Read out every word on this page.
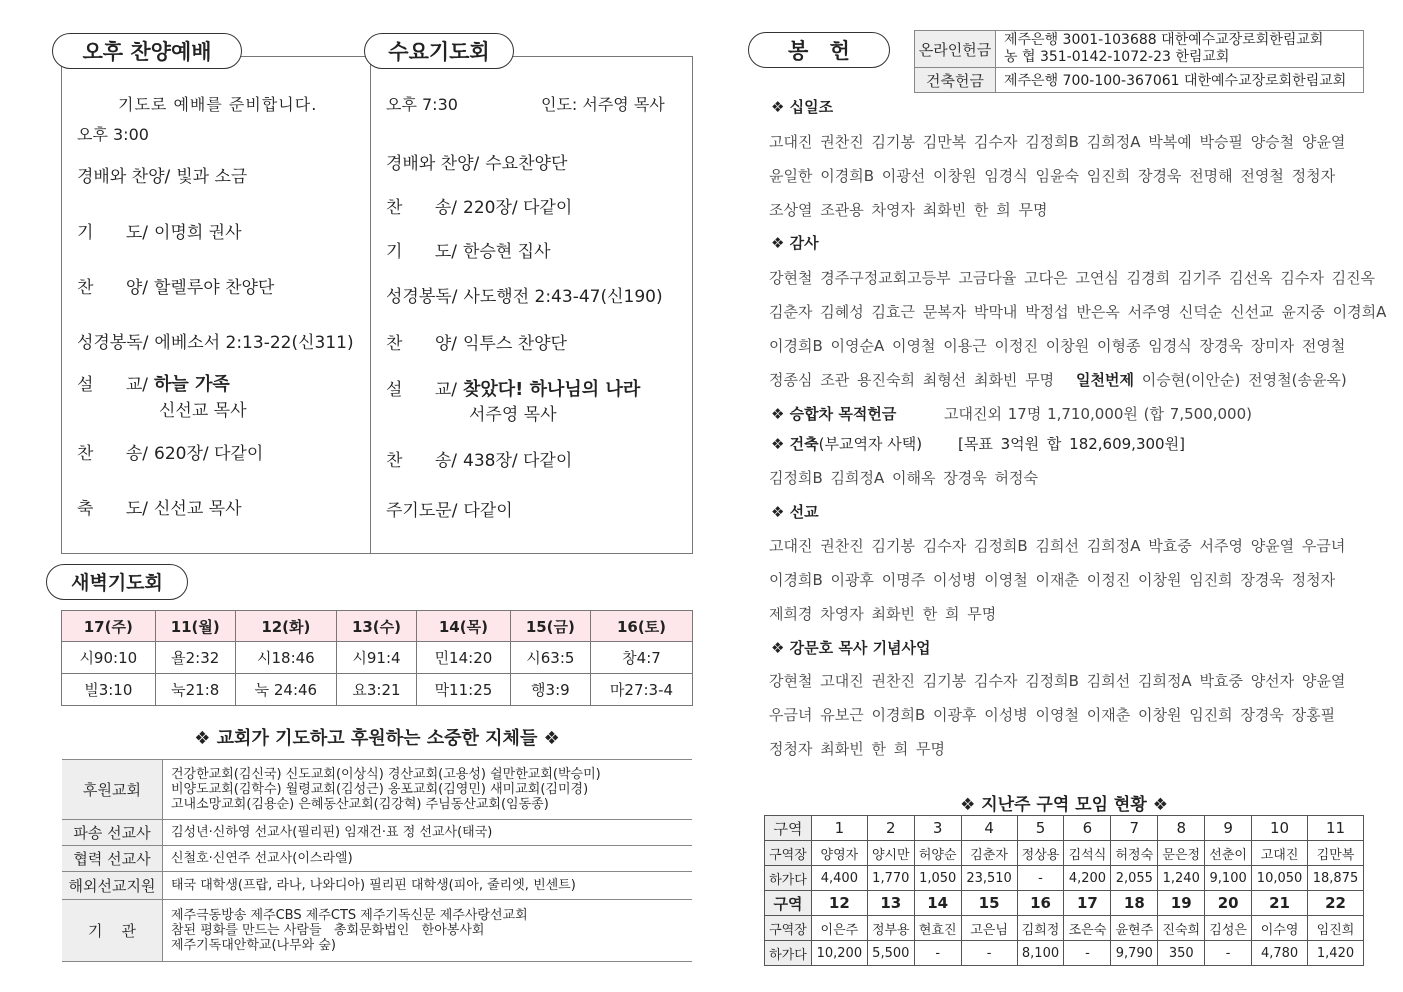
오후 찬양예배	수요기도회
기도로 예배를 준비합니다.
오후 3:00
경배와 찬양/ 빛과 소금
기      도/ 이명희 권사
찬      양/ 할렐루야 찬양단
성경봉독/ 에베소서 2:13-22(신311)
설      교/ 하늘 가족
신선교 목사
찬      송/ 620장/ 다같이
축      도/ 신선교 목사
오후 7:30	인도: 서주영 목사
경배와 찬양/ 수요찬양단
찬      송/ 220장/ 다같이
기      도/ 한승현 집사
성경봉독/ 사도행전 2:43-47(신190)
찬      양/ 익투스 찬양단
설      교/ 찾았다! 하나님의 나라
서주영 목사
찬      송/ 438장/ 다같이
주기도문/ 다같이
새벽기도회
17(주)	11(월)	12(화)	13(수)	14(목)	15(금)	16(토)
시90:10	욜2:32	시18:46	시91:4	민14:20	시63:5	창4:7
빌3:10	눅21:8	눅 24:46	요3:21	막11:25	행3:9	마27:3-4
❖ 교회가 기도하고 후원하는 소중한 지체들 ❖
후원교회	건강한교회(김신국) 신도교회(이상식) 경산교회(고용성) 쉴만한교회(박승미)
비양도교회(김학수) 월령교회(김성근) 옹포교회(김영민) 새미교회(김미경)
고내소망교회(김용순) 은혜동산교회(김강혁) 주님동산교회(임동종)

파송 선교사	김성년·신하영 선교사(필리핀) 임재건·표 정 선교사(태국)

협력 선교사	신철호·신연주 선교사(이스라엘)

해외선교지원	태국 대학생(프랍, 라나, 나와디아) 필리핀 대학생(피아, 줄리엣, 빈센트)

기    관	제주극동방송 제주CBS 제주CTS 제주기독신문 제주사랑선교회
참된 평화를 만드는 사람들   총회문화법인   한아봉사회
제주기독대안학교(나무와 숲)
봉 헌	온라인헌금	제주은행 3001-103688 대한예수교장로회한림교회
농 협 351-0142-1072-23 한림교회

건축헌금	제주은행 700-100-367061 대한예수교장로회한림교회
❖ 십일조
고대진 권찬진 김기봉 김만복 김수자 김정희B 김희정A 박복예 박승필 양승철 양윤열
윤일한 이경희B 이광선 이창원 임경식 임윤숙 임진희 장경욱 전명해 전영철 정청자
조상열 조관용 차영자 최화빈 한 희 무명
❖ 감사
강현철 경주구정교회고등부 고금다율 고다은 고연심 김경희 김기주 김선옥 김수자 김진옥
김춘자 김혜성 김효근 문복자 박막내 박정섭 반은옥 서주영 신덕순 신선교 윤지중 이경희A
이경희B 이영순A 이영철 이용근 이정진 이창원 이형종 임경식 장경욱 장미자 전영철
정종심 조관 용진숙희 최형선 최화빈 무명 일천번제 이승현(이안순) 전영철(송윤옥)
❖ 승합차 목적헌금	고대진외 17명 1,710,000원 (합 7,500,000)
❖ 건축(부교역자 사택) [목표 3억원 합 182,609,300원]
김정희B 김희정A 이해옥 장경욱 허정숙
❖ 선교
고대진 권찬진 김기봉 김수자 김정희B 김희선 김희정A 박효중 서주영 양윤열 우금녀
이경희B 이광후 이명주 이성병 이영철 이재춘 이정진 이창원 임진희 장경욱 정청자
제희경 차영자 최화빈 한 희 무명
❖ 강문호 목사 기념사업
강현철 고대진 권찬진 김기봉 김수자 김정희B 김희선 김희정A 박효중 양선자 양윤열
우금녀 유보근 이경희B 이광후 이성병 이영철 이재춘 이창원 임진희 장경욱 장홍필
정청자 최화빈 한 희 무명
❖ 지난주 구역 모임 현황 ❖
구역	1	2	3	4	5	6	7	8	9	10	11
구역장	양영자	양시만	허양순	김춘자	정상용	김석식	허정숙	문은정	선춘이	고대진	김만복
하가다	4,400	1,770	1,050	23,510	-	4,200	2,055	1,240	9,100	10,050	18,875
구역	12	13	14	15	16	17	18	19	20	21	22
구역장	이은주	정부용	현효진	고은님	김희정	조은숙	윤현주	진숙희	김성은	이수영	임진희
하가다	10,200	5,500	-	-	8,100	-	9,790	350	-	4,780	1,420
